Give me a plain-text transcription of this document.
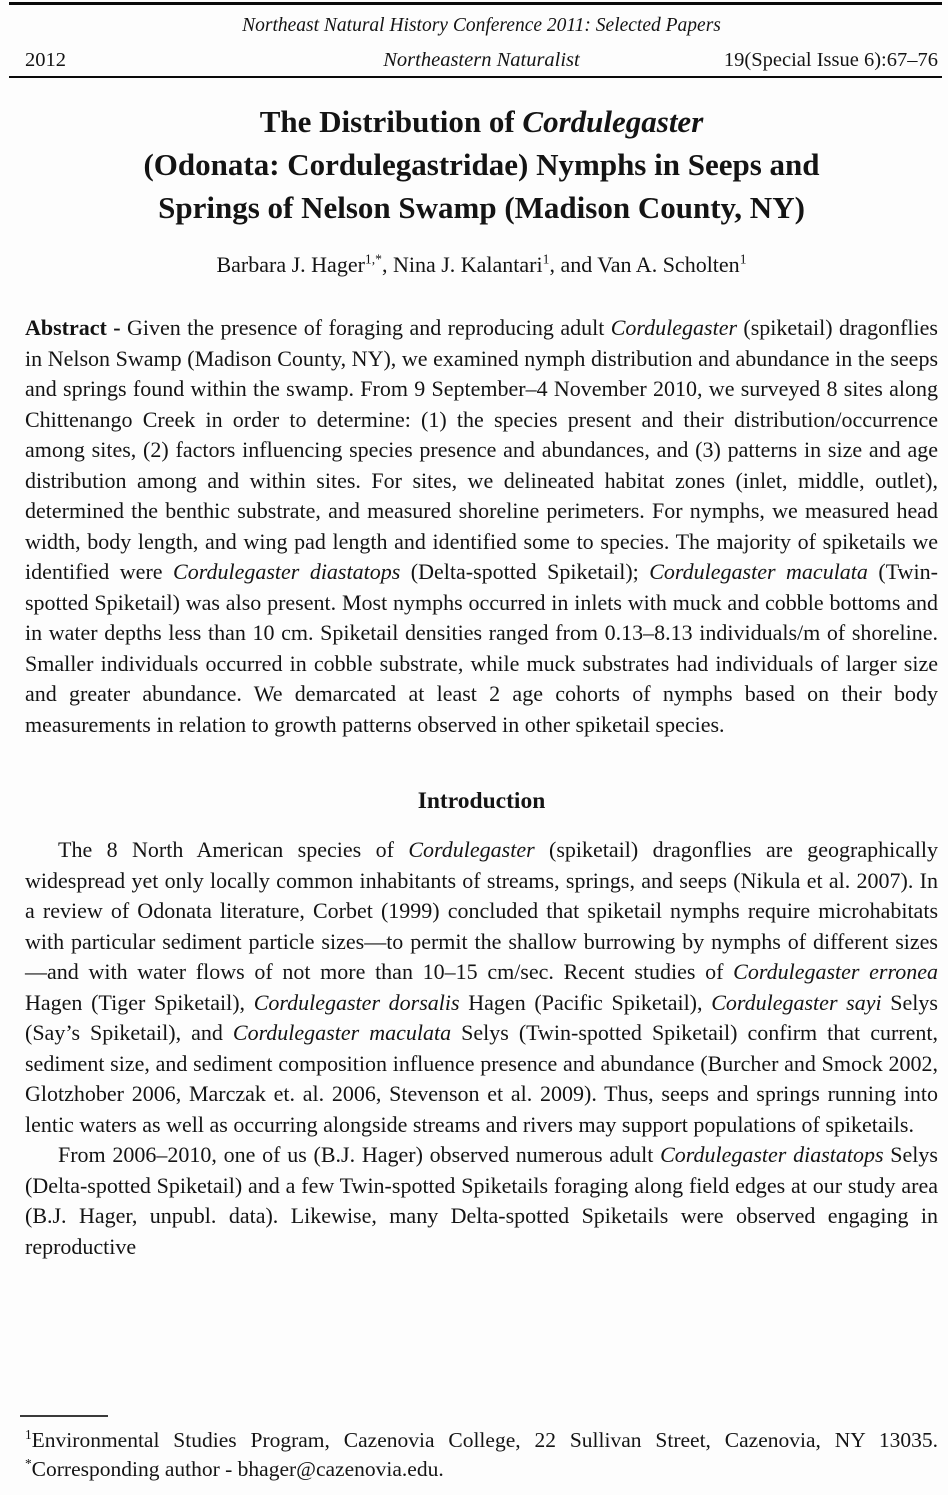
Northeast Natural History Conference 2011: Selected Papers
2012	Northeastern Naturalist	19(Special Issue 6):67–76
The Distribution of Cordulegaster
(Odonata: Cordulegastridae) Nymphs in Seeps and
Springs of Nelson Swamp (Madison County, NY)
Barbara J. Hager$^{1,*}$, Nina J. Kalantari$^1$, and Van A. Scholten$^1$

Abstract - Given the presence of foraging and reproducing adult Cordulegaster (spiketail) dragonflies in Nelson Swamp (Madison County, NY), we examined nymph distribution and abundance in the seeps and springs found within the swamp. From 9 September–4 November 2010, we surveyed 8 sites along Chittenango Creek in order to determine: (1) the species present and their distribution/occurrence among sites, (2) factors influencing species presence and abundances, and (3) patterns in size and age distribution among and within sites. For sites, we delineated habitat zones (inlet, middle, outlet), determined the benthic substrate, and measured shoreline perimeters. For nymphs, we measured head width, body length, and wing pad length and identified some to species. The majority of spiketails we identified were Cordulegaster diastatops (Delta-spotted Spiketail); Cordulegaster maculata (Twin-spotted Spiketail) was also present. Most nymphs occurred in inlets with muck and cobble bottoms and in water depths less than 10 cm. Spiketail densities ranged from 0.13–8.13 individuals/m of shoreline. Smaller individuals occurred in cobble substrate, while muck substrates had individuals of larger size and greater abundance. We demarcated at least 2 age cohorts of nymphs based on their body measurements in relation to growth patterns observed in other spiketail species.

Introduction

The 8 North American species of Cordulegaster (spiketail) dragonflies are geographically widespread yet only locally common inhabitants of streams, springs, and seeps (Nikula et al. 2007). In a review of Odonata literature, Corbet (1999) concluded that spiketail nymphs require microhabitats with particular sediment particle sizes—to permit the shallow burrowing by nymphs of different sizes—and with water flows of not more than 10–15 cm/sec. Recent studies of Cordulegaster erronea Hagen (Tiger Spiketail), Cordulegaster dorsalis Hagen (Pacific Spiketail), Cordulegaster sayi Selys (Say’s Spiketail), and Cordulegaster maculata Selys (Twin-spotted Spiketail) confirm that current, sediment size, and sediment composition influence presence and abundance (Burcher and Smock 2002, Glotzhober 2006, Marczak et. al. 2006, Stevenson et al. 2009). Thus, seeps and springs running into lentic waters as well as occurring alongside streams and rivers may support populations of spiketails.

From 2006–2010, one of us (B.J. Hager) observed numerous adult Cordulegaster diastatops Selys (Delta-spotted Spiketail) and a few Twin-spotted Spiketails foraging along field edges at our study area (B.J. Hager, unpubl. data). Likewise, many Delta-spotted Spiketails were observed engaging in reproductive

$^1$Environmental Studies Program, Cazenovia College, 22 Sullivan Street, Cazenovia, NY 13035. *Corresponding author - bhager@cazenovia.edu.
